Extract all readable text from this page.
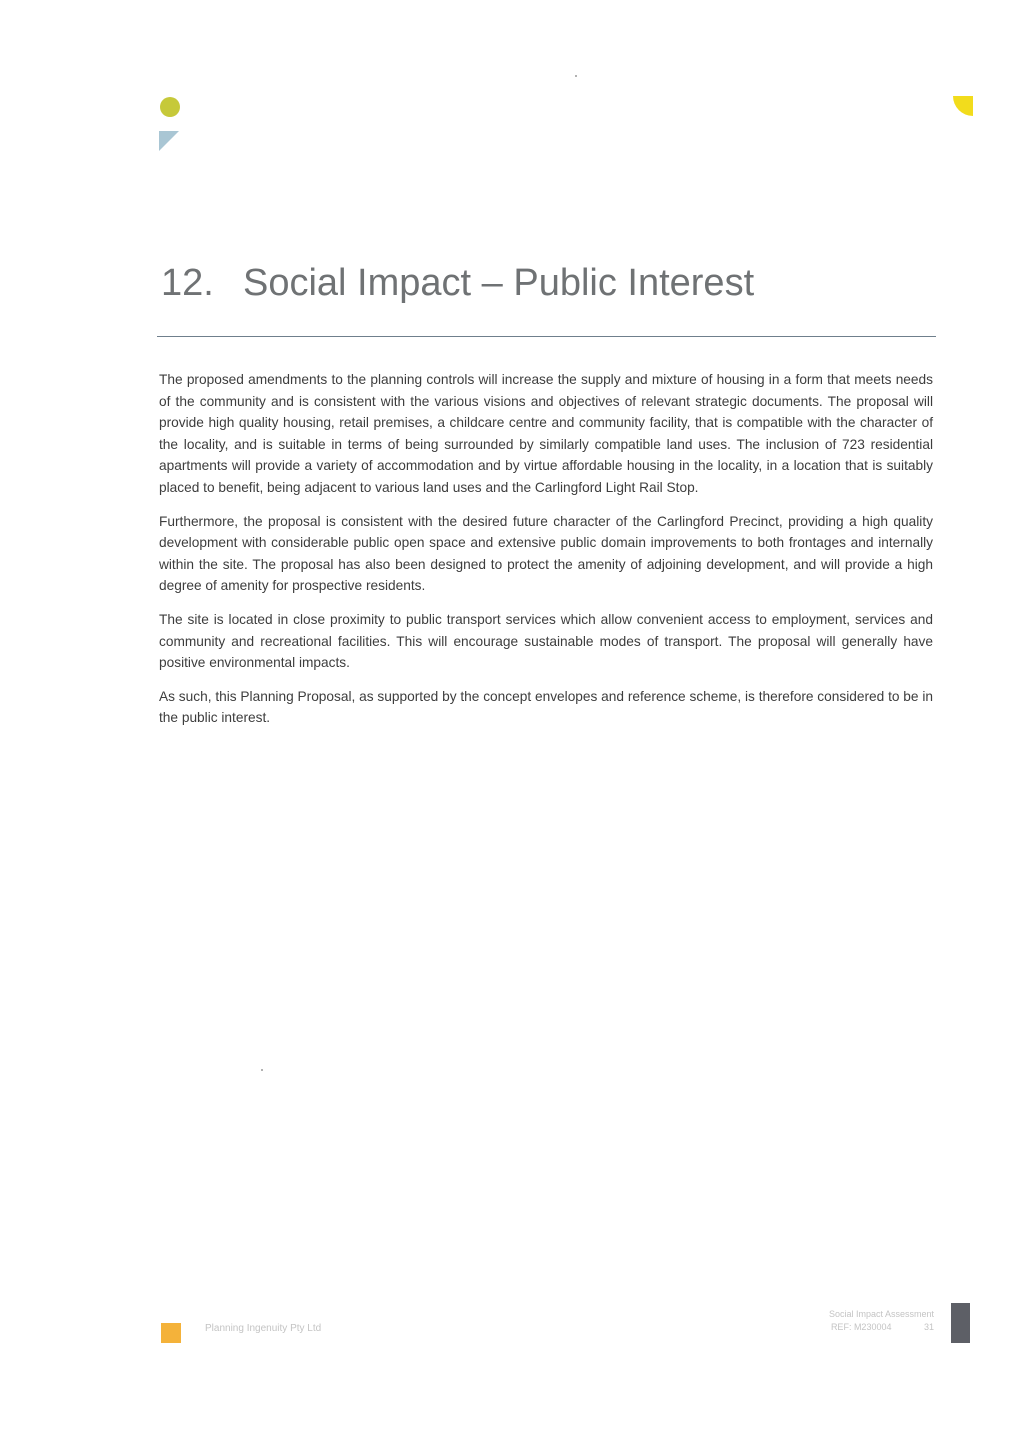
12. Social Impact – Public Interest

The proposed amendments to the planning controls will increase the supply and mixture of housing in a form that meets needs of the community and is consistent with the various visions and objectives of relevant strategic documents. The proposal will provide high quality housing, retail premises, a childcare centre and community facility, that is compatible with the character of the locality, and is suitable in terms of being surrounded by similarly compatible land uses. The inclusion of 723 residential apartments will provide a variety of accommodation and by virtue affordable housing in the locality, in a location that is suitably placed to benefit, being adjacent to various land uses and the Carlingford Light Rail Stop.

Furthermore, the proposal is consistent with the desired future character of the Carlingford Precinct, providing a high quality development with considerable public open space and extensive public domain improvements to both frontages and internally within the site. The proposal has also been designed to protect the amenity of adjoining development, and will provide a high degree of amenity for prospective residents.

The site is located in close proximity to public transport services which allow convenient access to employment, services and community and recreational facilities. This will encourage sustainable modes of transport. The proposal will generally have positive environmental impacts.

As such, this Planning Proposal, as supported by the concept envelopes and reference scheme, is therefore considered to be in the public interest.

Planning Ingenuity Pty Ltd
Social Impact Assessment
REF: M230004	31
